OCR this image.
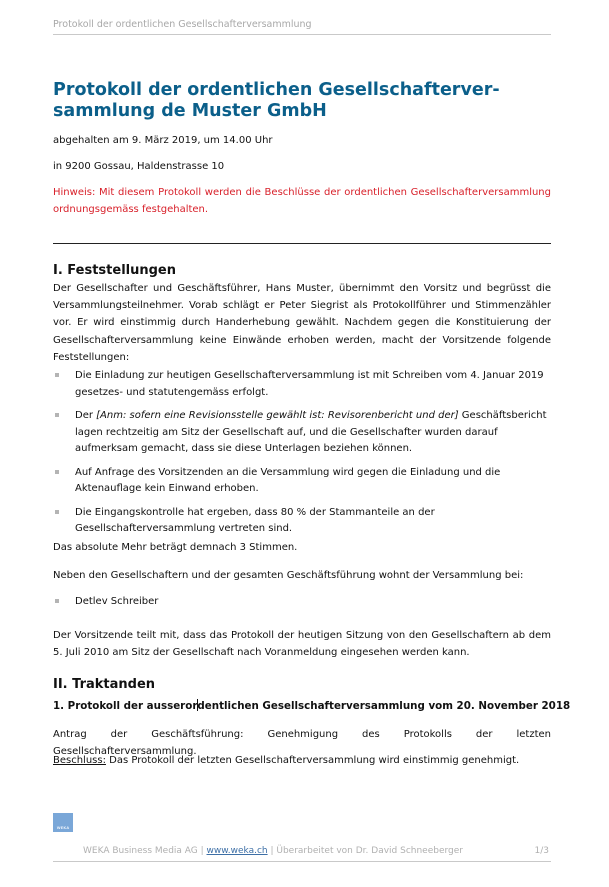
Protokoll der ordentlichen Gesellschafterversammlung
Protokoll der ordentlichen Gesellschafterver-
sammlung de Muster GmbH

abgehalten am 9. März 2019, um 14.00 Uhr

in 9200 Gossau, Haldenstrasse 10

Hinweis: Mit diesem Protokoll werden die Beschlüsse der ordentlichen Gesellschafterversammlung ordnungsgemäss festgehalten.

I. Feststellungen

Der Gesellschafter und Geschäftsführer, Hans Muster, übernimmt den Vorsitz und begrüsst die Versammlungsteilnehmer. Vorab schlägt er Peter Siegrist als Protokollführer und Stimmenzähler vor. Er wird einstimmig durch Handerhebung gewählt. Nachdem gegen die Konstituierung der Gesellschafterversammlung keine Einwände erhoben werden, macht der Vorsitzende folgende Feststellungen:

Die Einladung zur heutigen Gesellschafterversammlung ist mit Schreiben vom 4. Januar 2019 gesetzes- und statutengemäss erfolgt.
Der [Anm: sofern eine Revisionsstelle gewählt ist: Revisorenbericht und der] Geschäftsbericht lagen rechtzeitig am Sitz der Gesellschaft auf, und die Gesellschafter wurden darauf aufmerksam gemacht, dass sie diese Unterlagen beziehen können.
Auf Anfrage des Vorsitzenden an die Versammlung wird gegen die Einladung und die Aktenauflage kein Einwand erhoben.
Die Eingangskontrolle hat ergeben, dass 80 % der Stammanteile an der Gesellschafterversammlung vertreten sind.

Das absolute Mehr beträgt demnach 3 Stimmen.

Neben den Gesellschaftern und der gesamten Geschäftsführung wohnt der Versammlung bei:

Detlev Schreiber

Der Vorsitzende teilt mit, dass das Protokoll der heutigen Sitzung von den Gesellschaftern ab dem 5. Juli 2010 am Sitz der Gesellschaft nach Voranmeldung eingesehen werden kann.

II. Traktanden
1. Protokoll der ausserordentlichen Gesellschafterversammlung vom 20. November 2018

Antrag der Geschäftsführung: Genehmigung des Protokolls der letzten Gesellschafterversammlung.

Beschluss: Das Protokoll der letzten Gesellschafterversammlung wird einstimmig genehmigt.

WEKA
WEKA Business Media AG | www.weka.ch | Überarbeitet von Dr. David Schneeberger	1/3
